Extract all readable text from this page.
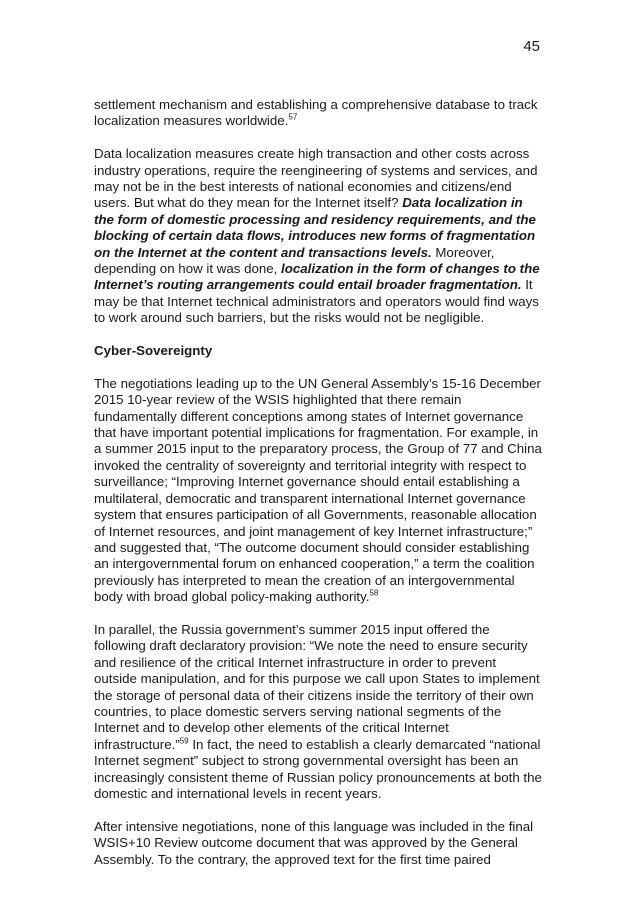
45

settlement mechanism and establishing a comprehensive database to track localization measures worldwide.$^{57}$

Data localization measures create high transaction and other costs across industry operations, require the reengineering of systems and services, and may not be in the best interests of national economies and citizens/end users. But what do they mean for the Internet itself? Data localization in the form of domestic processing and residency requirements, and the blocking of certain data flows, introduces new forms of fragmentation on the Internet at the content and transactions levels. Moreover, depending on how it was done, localization in the form of changes to the Internet’s routing arrangements could entail broader fragmentation. It may be that Internet technical administrators and operators would find ways to work around such barriers, but the risks would not be negligible.

Cyber-Sovereignty

The negotiations leading up to the UN General Assembly’s 15-16 December 2015 10-year review of the WSIS highlighted that there remain fundamentally different conceptions among states of Internet governance that have important potential implications for fragmentation. For example, in a summer 2015 input to the preparatory process, the Group of 77 and China invoked the centrality of sovereignty and territorial integrity with respect to surveillance; “Improving Internet governance should entail establishing a multilateral, democratic and transparent international Internet governance system that ensures participation of all Governments, reasonable allocation of Internet resources, and joint management of key Internet infrastructure;” and suggested that, “The outcome document should consider establishing an intergovernmental forum on enhanced cooperation,” a term the coalition previously has interpreted to mean the creation of an intergovernmental body with broad global policy-making authority.$^{58}$

In parallel, the Russia government’s summer 2015 input offered the following draft declaratory provision: “We note the need to ensure security and resilience of the critical Internet infrastructure in order to prevent outside manipulation, and for this purpose we call upon States to implement the storage of personal data of their citizens inside the territory of their own countries, to place domestic servers serving national segments of the Internet and to develop other elements of the critical Internet infrastructure.”$^{59}$ In fact, the need to establish a clearly demarcated “national Internet segment” subject to strong governmental oversight has been an increasingly consistent theme of Russian policy pronouncements at both the domestic and international levels in recent years.

After intensive negotiations, none of this language was included in the final WSIS+10 Review outcome document that was approved by the General Assembly. To the contrary, the approved text for the first time paired
